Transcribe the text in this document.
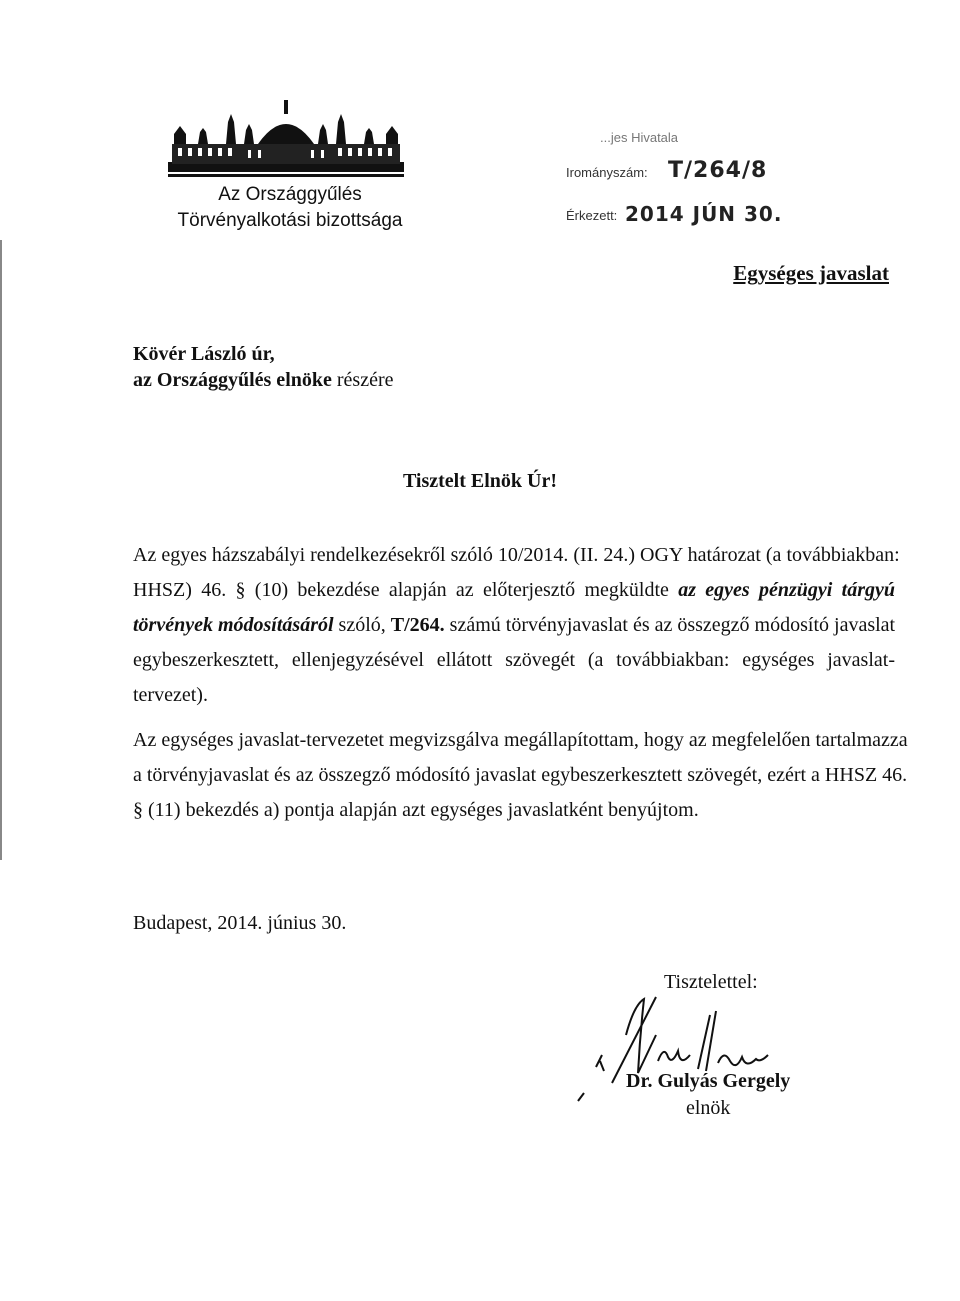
Az Országgyűlés
Törvényalkotási bizottsága
...jes Hivatala
Irományszám: T/264/8
Érkezett: 2014 JÚN 30.
Egységes javaslat
Kövér László úr,
az Országgyűlés elnöke részére
Tisztelt Elnök Úr!
Az egyes házszabályi rendelkezésekről szóló 10/2014. (II. 24.) OGY határozat (a továbbiakban:
HHSZ) 46. § (10) bekezdése alapján az előterjesztő megküldte az egyes pénzügyi tárgyú
törvények módosításáról szóló, T/264. számú törvényjavaslat és az összegző módosító javaslat
egybeszerkesztett, ellenjegyzésével ellátott szövegét (a továbbiakban: egységes javaslat-
tervezet).
Az egységes javaslat-tervezetet megvizsgálva megállapítottam, hogy az megfelelően tartalmazza
a törvényjavaslat és az összegző módosító javaslat egybeszerkesztett szövegét, ezért a HHSZ 46.
§ (11) bekezdés a) pontja alapján azt egységes javaslatként benyújtom.
Budapest, 2014. június 30.
Tisztelettel:
Dr. Gulyás Gergely
elnök
